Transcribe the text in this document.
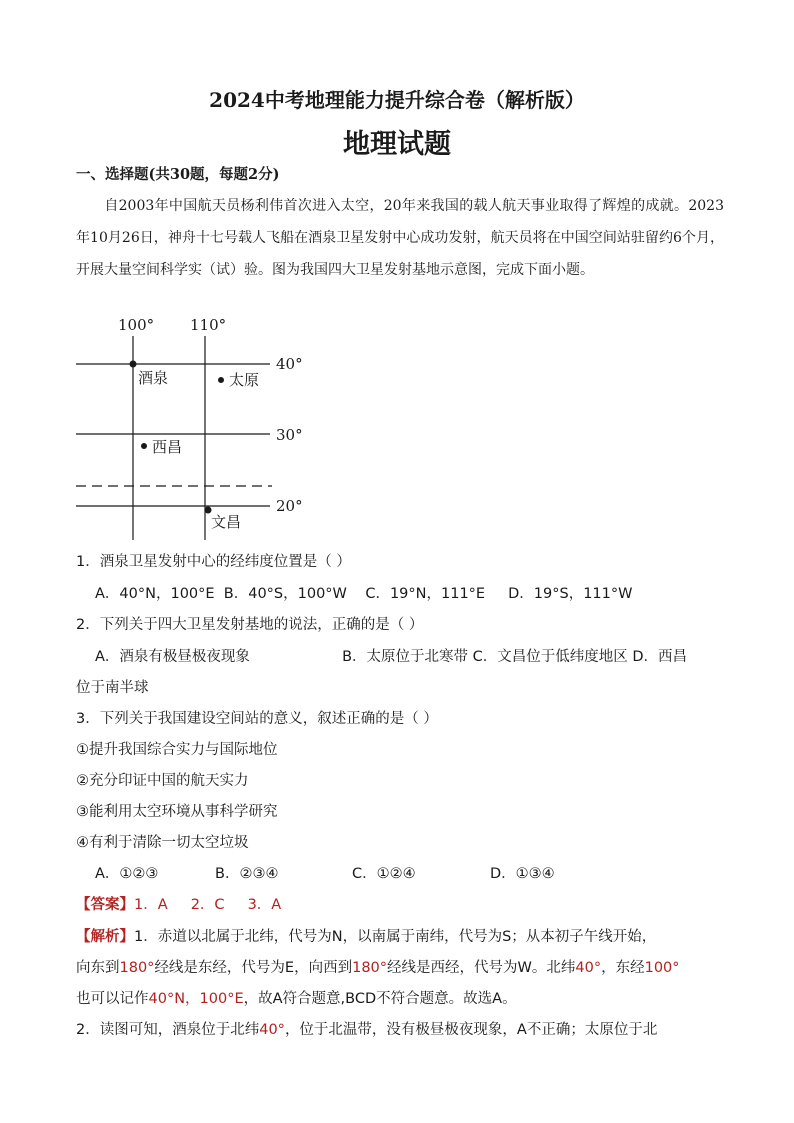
2024中考地理能力提升综合卷（解析版）
地理试题
一、选择题(共30题，每题2分)
自2003年中国航天员杨利伟首次进入太空，20年来我国的载人航天事业取得了辉煌的成就。2023年10月26日，神舟十七号载人飞船在酒泉卫星发射中心成功发射，航天员将在中国空间站驻留约6个月，开展大量空间科学实（试）验。图为我国四大卫星发射基地示意图，完成下面小题。
100° 110°
40°
30°
20°
酒泉	太原
西昌
文昌
1．酒泉卫星发射中心的经纬度位置是（ ）
A．40°N，100°E  B．40°S，100°W    C．19°N，111°E     D．19°S，111°W
2．下列关于四大卫星发射基地的说法，正确的是（ ）
A．酒泉有极昼极夜现象                    B．太原位于北寒带 C．文昌位于低纬度地区 D．西昌
位于南半球
3．下列关于我国建设空间站的意义，叙述正确的是（ ）
①提升我国综合实力与国际地位
②充分印证中国的航天实力
③能利用太空环境从事科学研究
④有利于清除一切太空垃圾
A．①②③	B．②③④	C．①②④	D．①③④
【答案】1．A     2．C     3．A
【解析】1．赤道以北属于北纬，代号为N，以南属于南纬，代号为S；从本初子午线开始，
向东到180°经线是东经，代号为E，向西到180°经线是西经，代号为W。北纬40°，东经100°
也可以记作40°N，100°E，故A符合题意,BCD不符合题意。故选A。
2．读图可知，酒泉位于北纬40°，位于北温带，没有极昼极夜现象，A不正确；太原位于北
